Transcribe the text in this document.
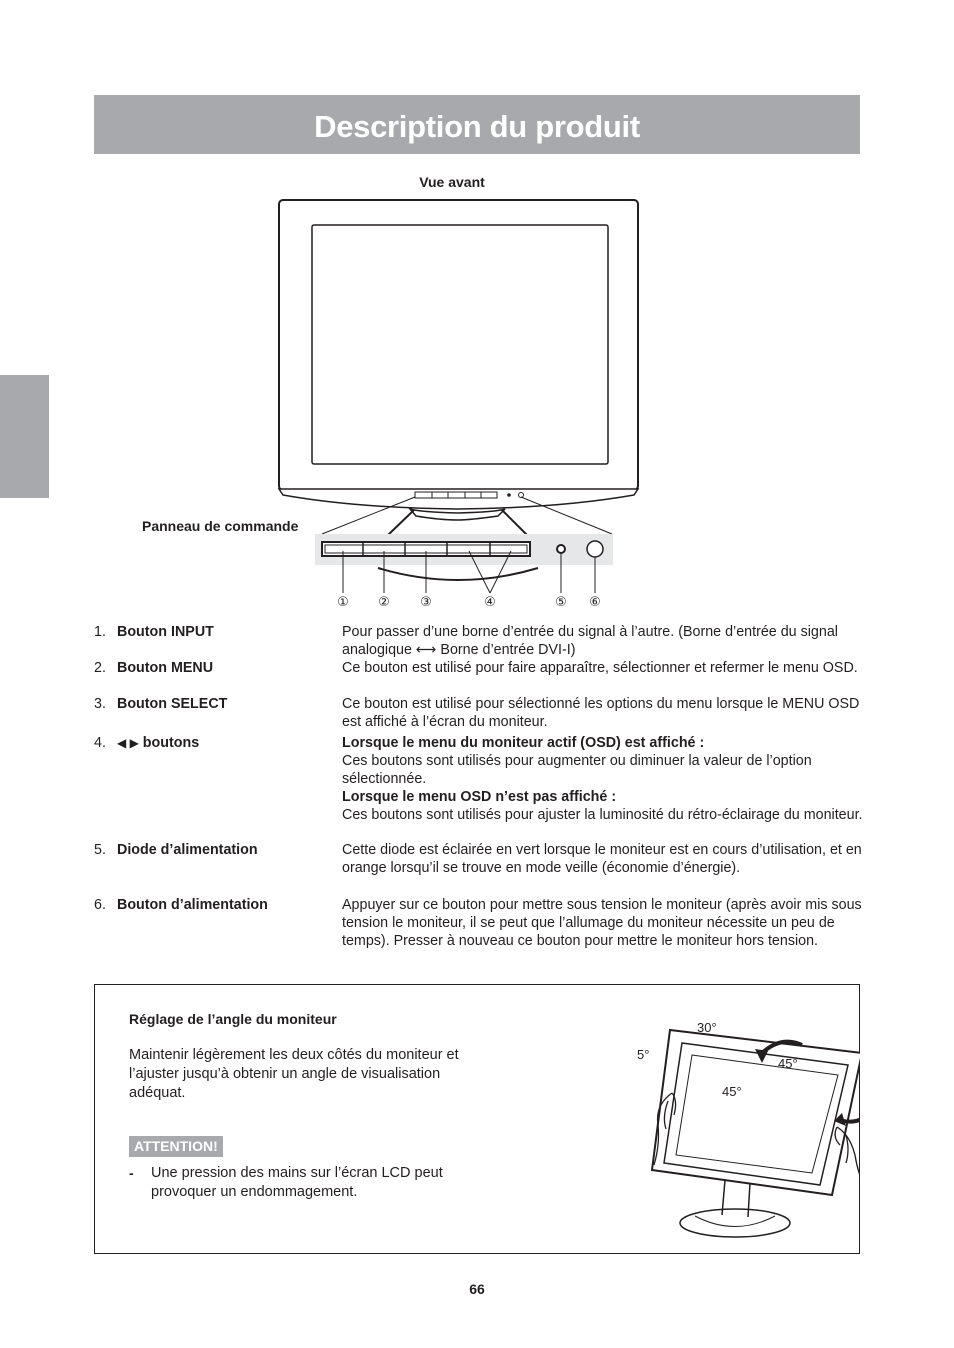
Description du produit
Vue avant
Panneau de commande
① ② ③	④	⑤ ⑥
1. Bouton INPUT	Pour passer d’une borne d’entrée du signal à l’autre. (Borne d’entrée du signal analogique ⟷ Borne d’entrée DVI-I)
2. Bouton MENU	Ce bouton est utilisé pour faire apparaître, sélectionner et refermer le menu OSD.
3. Bouton SELECT	Ce bouton est utilisé pour sélectionné les options du menu lorsque le MENU OSD est affiché à l’écran du moniteur.
4. ◀ ▶ boutons	Lorsque le menu du moniteur actif (OSD) est affiché :
Ces boutons sont utilisés pour augmenter ou diminuer la valeur de l’option sélectionnée.
Lorsque le menu OSD n’est pas affiché :
Ces boutons sont utilisés pour ajuster la luminosité du rétro-éclairage du moniteur.
5. Diode d’alimentation	Cette diode est éclairée en vert lorsque le moniteur est en cours d’utilisation, et en orange lorsqu’il se trouve en mode veille (économie d’énergie).
6. Bouton d’alimentation	Appuyer sur ce bouton pour mettre sous tension le moniteur (après avoir mis sous tension le moniteur, il se peut que l’allumage du moniteur nécessite un peu de temps). Presser à nouveau ce bouton pour mettre le moniteur hors tension.
Réglage de l’angle du moniteur
Maintenir légèrement les deux côtés du moniteur et l’ajuster jusqu’à obtenir un angle de visualisation adéquat.
ATTENTION!
- Une pression des mains sur l’écran LCD peut provoquer un endommagement.
30°
5°
45°
45°
66
